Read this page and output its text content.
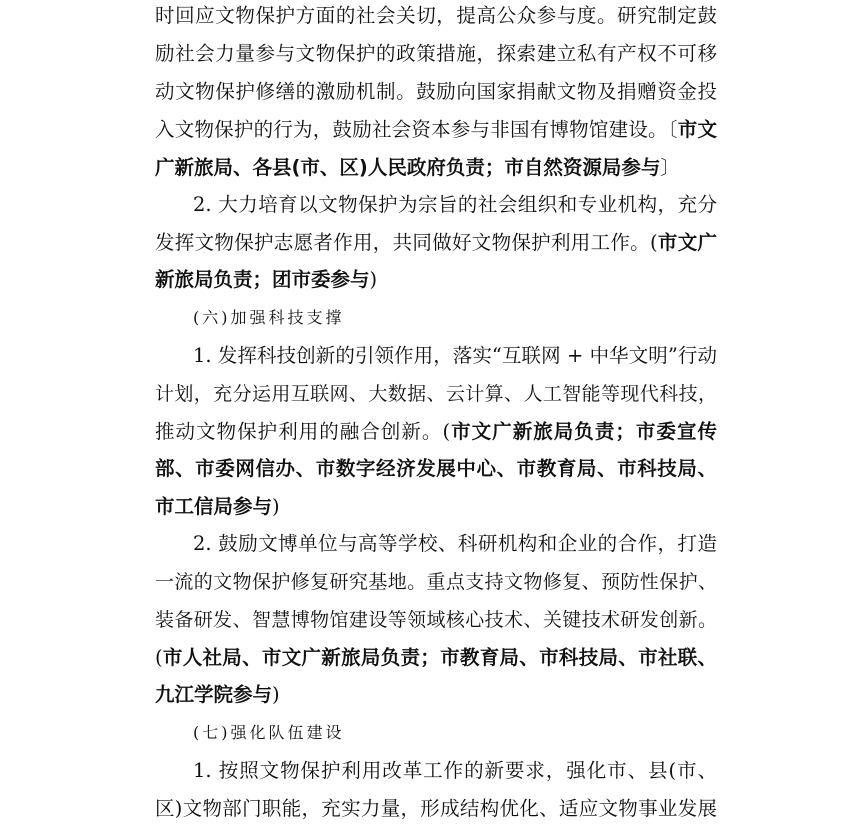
时回应文物保护方面的社会关切，提高公众参与度。研究制定鼓
励社会力量参与文物保护的政策措施，探索建立私有产权不可移
动文物保护修缮的激励机制。鼓励向国家捐献文物及捐赠资金投
入文物保护的行为，鼓励社会资本参与非国有博物馆建设。〔市文
广新旅局、各县(市、区)人民政府负责；市自然资源局参与〕
2. 大力培育以文物保护为宗旨的社会组织和专业机构，充分
发挥文物保护志愿者作用，共同做好文物保护利用工作。(市文广
新旅局负责；团市委参与)
(六)加强科技支撑
1. 发挥科技创新的引领作用，落实“互联网 + 中华文明”行动
计划，充分运用互联网、大数据、云计算、人工智能等现代科技，
推动文物保护利用的融合创新。(市文广新旅局负责；市委宣传
部、市委网信办、市数字经济发展中心、市教育局、市科技局、
市工信局参与)
2. 鼓励文博单位与高等学校、科研机构和企业的合作，打造
一流的文物保护修复研究基地。重点支持文物修复、预防性保护、
装备研发、智慧博物馆建设等领域核心技术、关键技术研发创新。
(市人社局、市文广新旅局负责；市教育局、市科技局、市社联、
九江学院参与)
(七)强化队伍建设
1. 按照文物保护利用改革工作的新要求，强化市、县(市、
区)文物部门职能，充实力量，形成结构优化、适应文物事业发展
